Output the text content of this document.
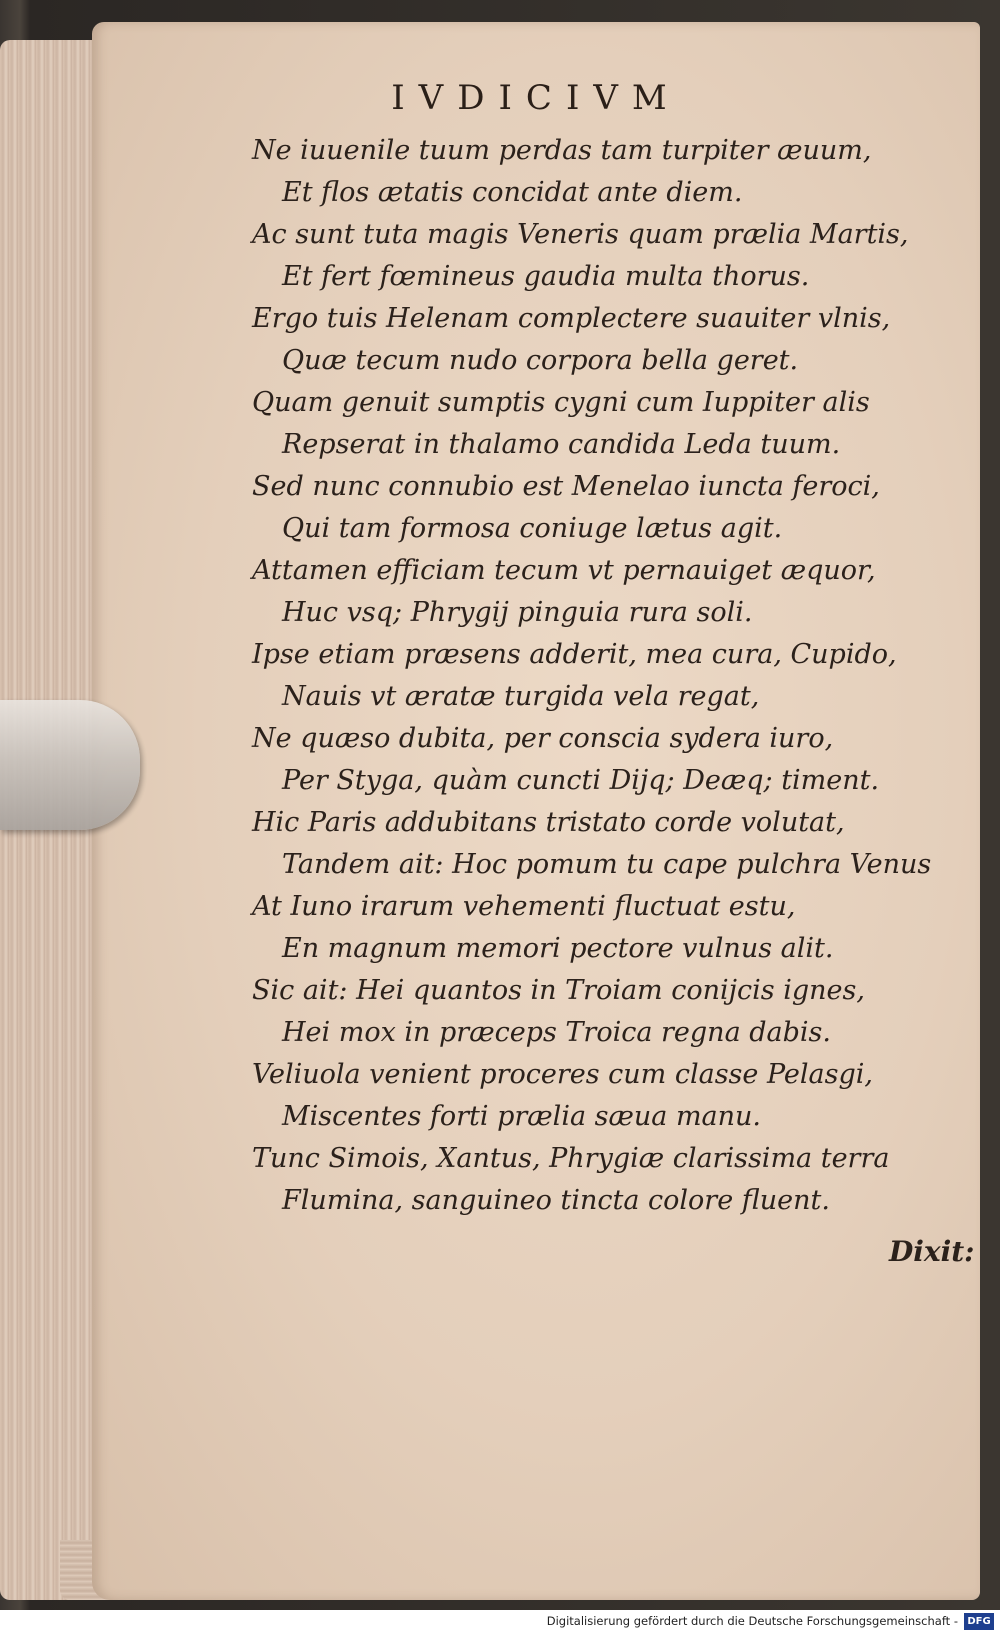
IVDICIVM
Ne iuuenile tuum perdas tam turpiter æuum,
Et flos ætatis concidat ante diem.
Ac sunt tuta magis Veneris quam prælia Martis,
Et fert fœmineus gaudia multa thorus.
Ergo tuis Helenam complectere suauiter vlnis,
Quæ tecum nudo corpora bella geret.
Quam genuit sumptis cygni cum Iuppiter alis
Repserat in thalamo candida Leda tuum.
Sed nunc connubio est Menelao iuncta feroci,
Qui tam formosa coniuge lætus agit.
Attamen efficiam tecum vt pernauiget æquor,
Huc vsq; Phrygij pinguia rura soli.
Ipse etiam præsens adderit, mea cura, Cupido,
Nauis vt æratæ turgida vela regat,
Ne quæso dubita, per conscia sydera iuro,
Per Styga, quàm cuncti Dijq; Deæq; timent.
Hic Paris addubitans tristato corde volutat,
Tandem ait: Hoc pomum tu cape pulchra Venus
At Iuno irarum vehementi fluctuat estu,
En magnum memori pectore vulnus alit.
Sic ait: Hei quantos in Troiam conijcis ignes,
Hei mox in præceps Troica regna dabis.
Veliuola venient proceres cum classe Pelasgi,
Miscentes forti prælia sæua manu.
Tunc Simois, Xantus, Phrygiæ clarissima terra
Flumina, sanguineo tincta colore fluent.
Dixit:
Digitalisierung gefördert durch die Deutsche Forschungsgemeinschaft - DFG
